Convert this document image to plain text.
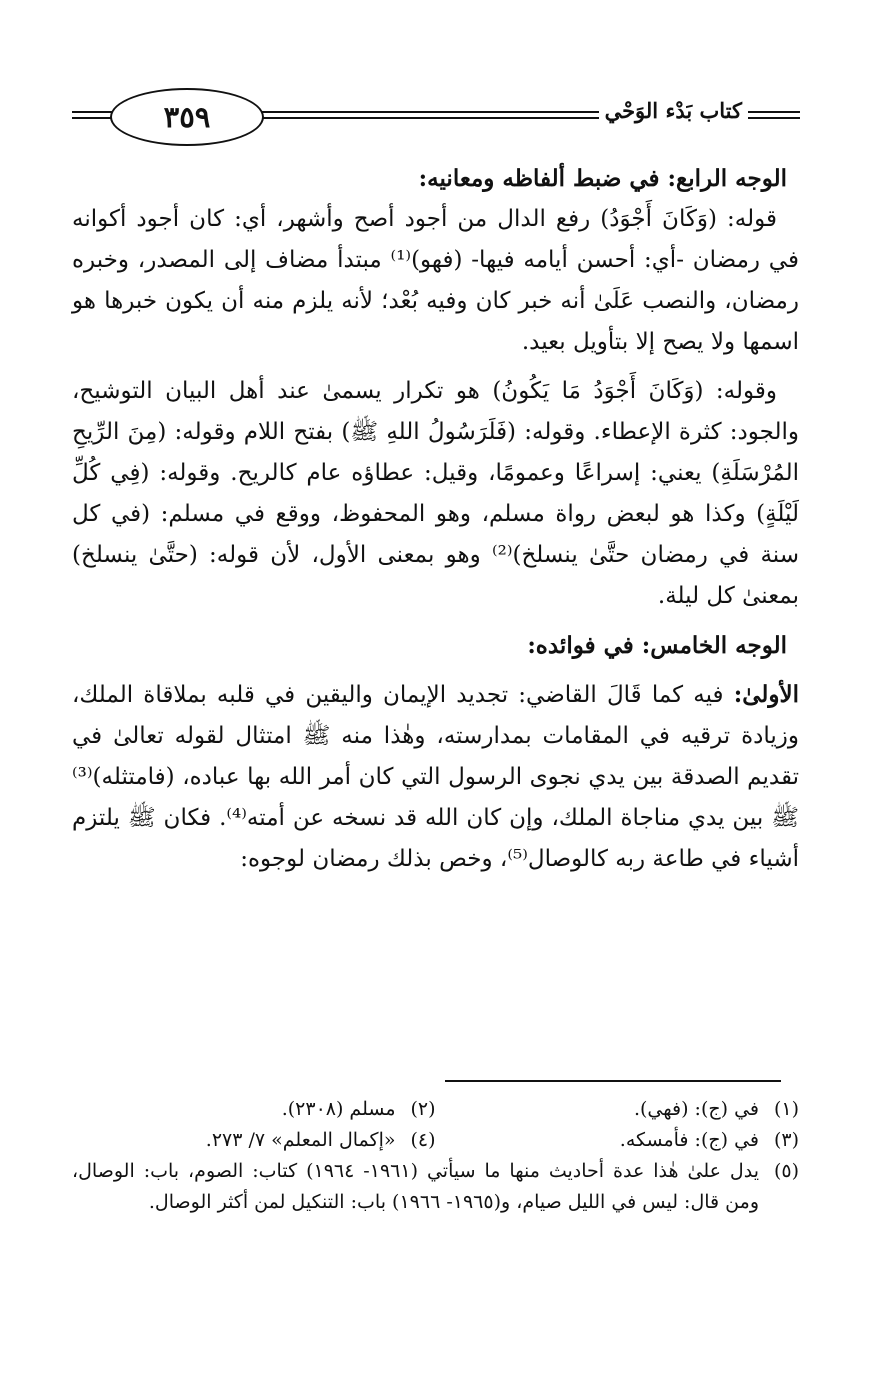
٣٥٩	كتاب بَدْء الوَحْي

الوجه الرابع: في ضبط ألفاظه ومعانيه:

قوله: (وَكَانَ أَجْوَدُ) رفع الدال من أجود أصح وأشهر، أي: كان أجود أكوانه في رمضان -أي: أحسن أيامه فيها- (فهو)⁽¹⁾ مبتدأ مضاف إلى المصدر، وخبره رمضان، والنصب عَلَىٰ أنه خبر كان وفيه بُعْد؛ لأنه يلزم منه أن يكون خبرها هو اسمها ولا يصح إلا بتأويل بعيد.

وقوله: (وَكَانَ أَجْوَدُ مَا يَكُونُ) هو تكرار يسمىٰ عند أهل البيان التوشيح، والجود: كثرة الإعطاء. وقوله: (فَلَرَسُولُ اللهِ ﷺ) بفتح اللام وقوله: (مِنَ الرِّيحِ المُرْسَلَةِ) يعني: إسراعًا وعمومًا، وقيل: عطاؤه عام كالريح. وقوله: (فِي كُلِّ لَيْلَةٍ) وكذا هو لبعض رواة مسلم، وهو المحفوظ، ووقع في مسلم: (في كل سنة في رمضان حتَّىٰ ينسلخ)⁽²⁾ وهو بمعنى الأول، لأن قوله: (حتَّىٰ ينسلخ) بمعنىٰ كل ليلة.

الوجه الخامس: في فوائده:

الأولىٰ: فيه كما قَالَ القاضي: تجديد الإيمان واليقين في قلبه بملاقاة الملك، وزيادة ترقيه في المقامات بمدارسته، وهٰذا منه ﷺ امتثال لقوله تعالىٰ في تقديم الصدقة بين يدي نجوى الرسول التي كان أمر الله بها عباده، (فامتثله)⁽³⁾ ﷺ بين يدي مناجاة الملك، وإن كان الله قد نسخه عن أمته⁽⁴⁾. فكان ﷺ يلتزم أشياء في طاعة ربه كالوصال⁽⁵⁾، وخص بذلك رمضان لوجوه:

(١)
في (ج): (فهي).
(٢)
مسلم (٢٣٠٨).
(٣)
في (ج): فأمسكه.
(٤)
«إكمال المعلم» ٧/ ٢٧٣.
(٥)
يدل علىٰ هٰذا عدة أحاديث منها ما سيأتي (١٩٦١- ١٩٦٤) كتاب: الصوم، باب: الوصال، ومن قال: ليس في الليل صيام، و(١٩٦٥- ١٩٦٦) باب: التنكيل لمن أكثر الوصال.
